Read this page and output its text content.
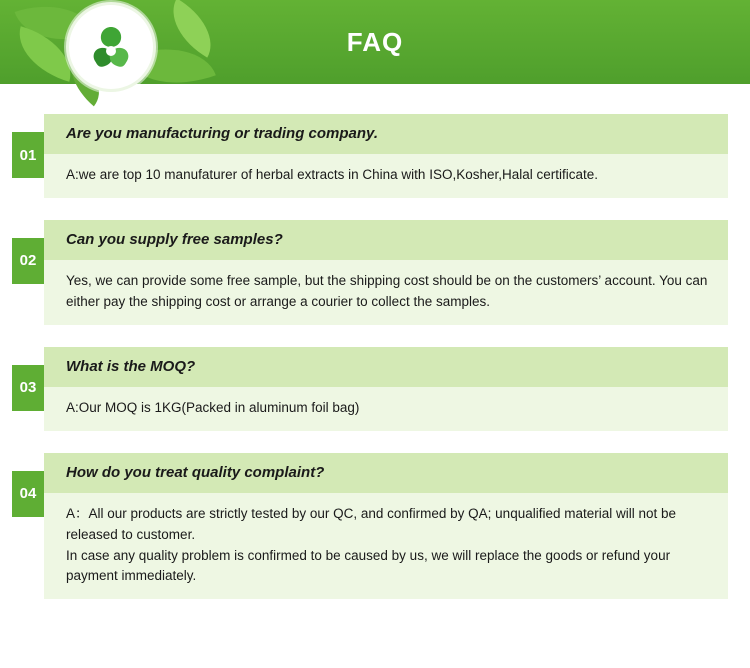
FAQ
01
Are you manufacturing or trading company.

A:we are top 10 manufaturer of herbal extracts in China with ISO,Kosher,Halal certificate.

02
Can you supply free samples?

Yes, we can provide some free sample, but the shipping cost should be on the customers’ account. You can either pay the shipping cost or arrange a courier to collect the samples.

03
What is the MOQ?

A:Our MOQ is 1KG(Packed in aluminum foil bag)

04
How do you treat quality complaint?

A：All our products are strictly tested by our QC, and confirmed by QA; unqualified material will not be released to customer.

In case any quality problem is confirmed to be caused by us, we will replace the goods or refund your payment immediately.
